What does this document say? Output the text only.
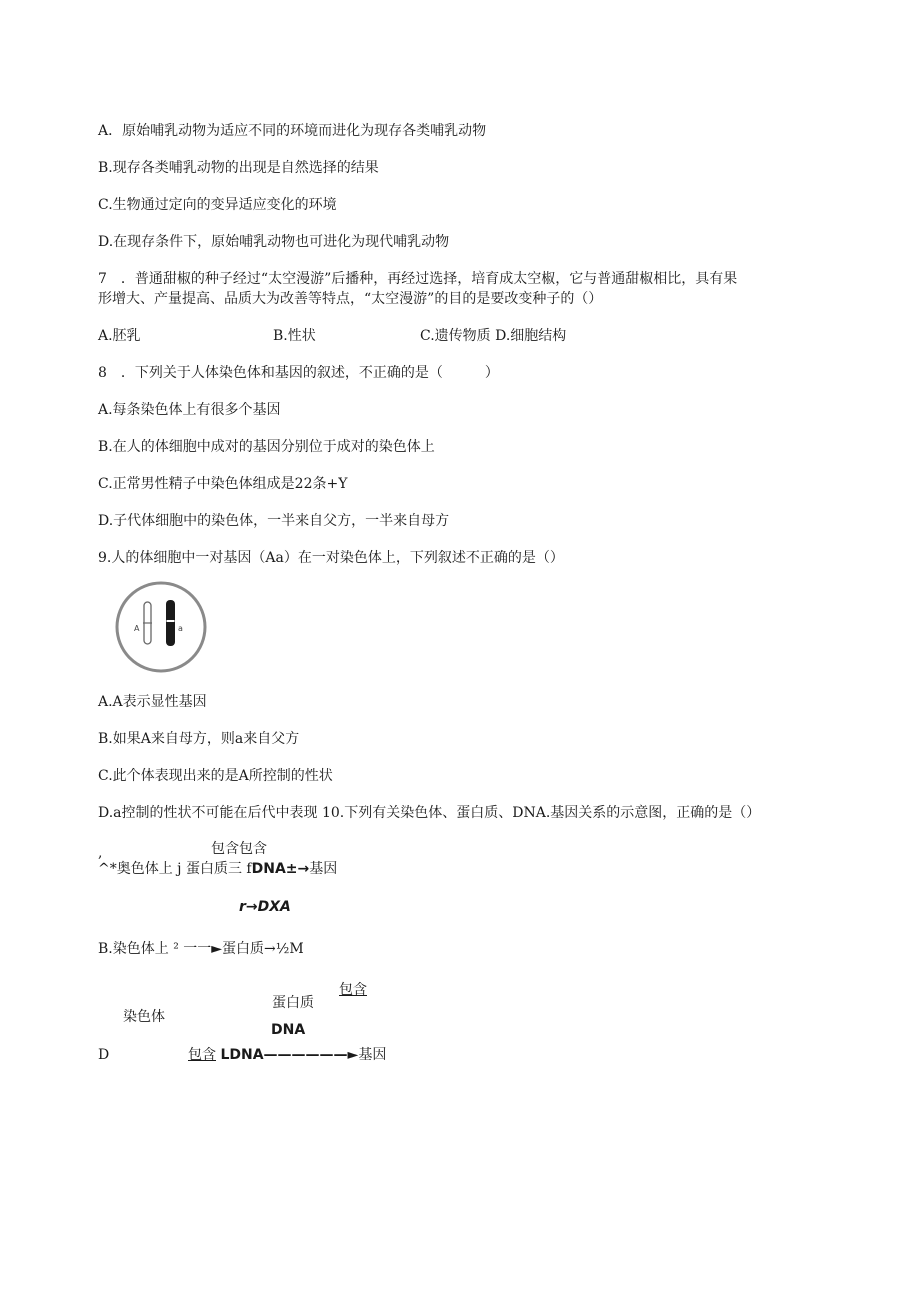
A．原始哺乳动物为适应不同的环境而进化为现存各类哺乳动物
B.现存各类哺乳动物的出现是自然选择的结果
C.生物通过定向的变异适应变化的环境
D.在现存条件下，原始哺乳动物也可进化为现代哺乳动物
7　．普通甜椒的种子经过“太空漫游”后播种，再经过选择，培育成太空椒，它与普通甜椒相比，具有果
形增大、产量提高、品质大为改善等特点，“太空漫游”的目的是要改变种子的（）
A.胚乳	B.性状	C.遗传物质 D.细胞结构
8　．下列关于人体染色体和基因的叙述，不正确的是（　　　）
A.每条染色体上有很多个基因
B.在人的体细胞中成对的基因分别位于成对的染色体上
C.正常男性精子中染色体组成是22条+Y
D.子代体细胞中的染色体，一半来自父方，一半来自母方
9.人的体细胞中一对基因（Aa）在一对染色体上，下列叙述不正确的是（）
A	a
A.A表示显性基因
B.如果A来自母方，则a来自父方
C.此个体表现出来的是A所控制的性状
D.a控制的性状不可能在后代中表现 10.下列有关染色体、蛋白质、DNA.基因关系的示意图，正确的是（）
,	包含包含
^*奥色体上 j 蛋白质三 fDNA±→基因
r→DXA
B.染色体上 ² 一一►蛋白质→½M
包含
蛋白质
染色体
DNA
D	包含 LDNA——————►基因
